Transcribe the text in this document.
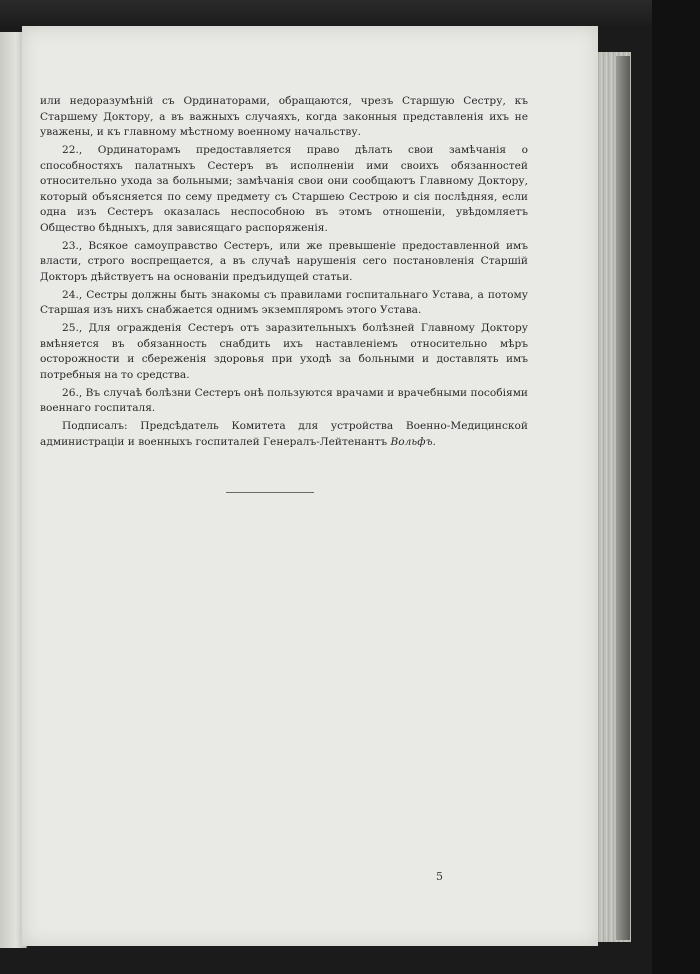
или недоразумѣній съ Ординаторами, обращаются, чрезъ Старшую Сестру, къ Старшему Доктору, а въ важныхъ случаяхъ, когда законныя представленія ихъ не уважены, и къ главному мѣстному военному начальству.

22., Ординаторамъ предоставляется право дѣлать свои замѣчанія о способностяхъ палатныхъ Сестеръ въ исполненіи ими своихъ обязанностей относительно ухода за больными; замѣчанія свои они сообщаютъ Главному Доктору, который объясняется по сему предмету съ Старшею Сестрою и сія послѣдняя, если одна изъ Сестеръ оказалась неспособною въ этомъ отношеніи, увѣдомляетъ Общество бѣдныхъ, для зависящаго распоряженія.

23., Всякое самоуправство Сестеръ, или же превышеніе предоставленной имъ власти, строго воспрещается, а въ случаѣ нарушенія сего постановленія Старшій Докторъ дѣйствуетъ на основаніи предъидущей статьи.

24., Сестры должны быть знакомы съ правилами госпитальнаго Устава, а потому Старшая изъ нихъ снабжается однимъ экземпляромъ этого Устава.

25., Для огражденія Сестеръ отъ заразительныхъ болѣзней Главному Доктору вмѣняется въ обязанность снабдить ихъ наставленіемъ относительно мѣръ осторожности и сбереженія здоровья при уходѣ за больными и доставлять имъ потребныя на то средства.

26., Въ случаѣ болѣзни Сестеръ онѣ пользуются врачами и врачебными пособіями военнаго госпиталя.

Подписалъ: Предсѣдатель Комитета для устройства Военно-Медицинской администраціи и военныхъ госпиталей Генералъ-Лейтенантъ Вольфъ.

5
